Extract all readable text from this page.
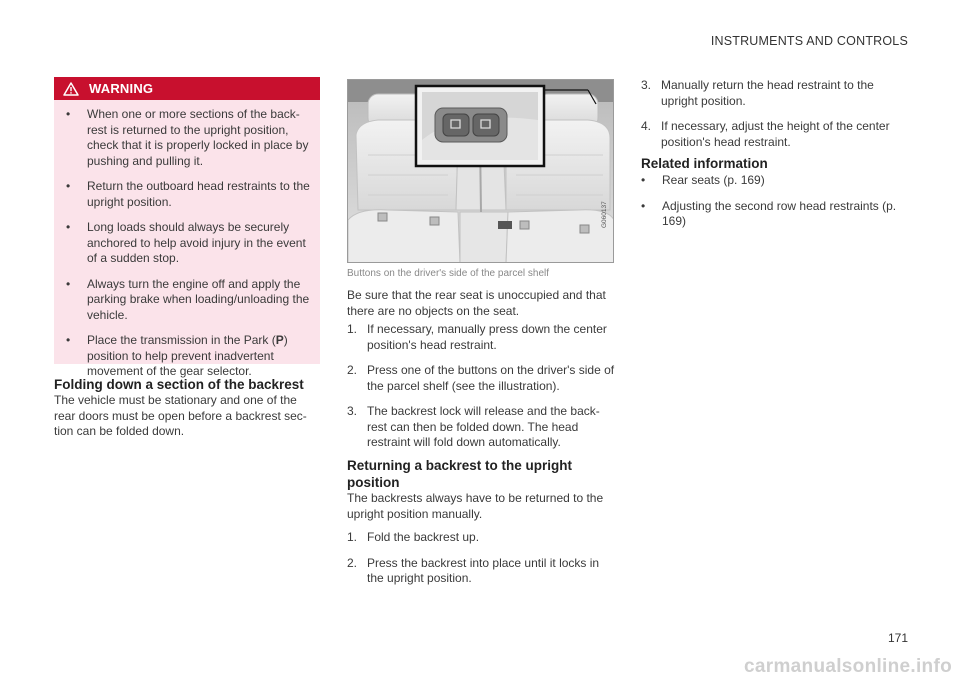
INSTRUMENTS AND CONTROLS
WARNING
• When one or more sections of the back-rest is returned to the upright position, check that it is properly locked in place by pushing and pulling it.
• Return the outboard head restraints to the upright position.
• Long loads should always be securely anchored to help avoid injury in the event of a sudden stop.
• Always turn the engine off and apply the parking brake when loading/unloading the vehicle.
• Place the transmission in the Park (P) position to help prevent inadvertent movement of the gear selector.
Folding down a section of the backrest

The vehicle must be stationary and one of the rear doors must be open before a backrest sec-tion can be folded down.

G060137
Buttons on the driver's side of the parcel shelf

Be sure that the rear seat is unoccupied and that there are no objects on the seat.

1. If necessary, manually press down the center position's head restraint.
2. Press one of the buttons on the driver's side of the parcel shelf (see the illustration).
3. The backrest lock will release and the back-rest can then be folded down. The head restraint will fold down automatically.
Returning a backrest to the upright position

The backrests always have to be returned to the upright position manually.

1. Fold the backrest up.
2. Press the backrest into place until it locks in the upright position.
3. Manually return the head restraint to the upright position.
4. If necessary, adjust the height of the center position's head restraint.
Related information
• Rear seats (p. 169)
• Adjusting the second row head restraints (p. 169)
171
carmanualsonline.info
